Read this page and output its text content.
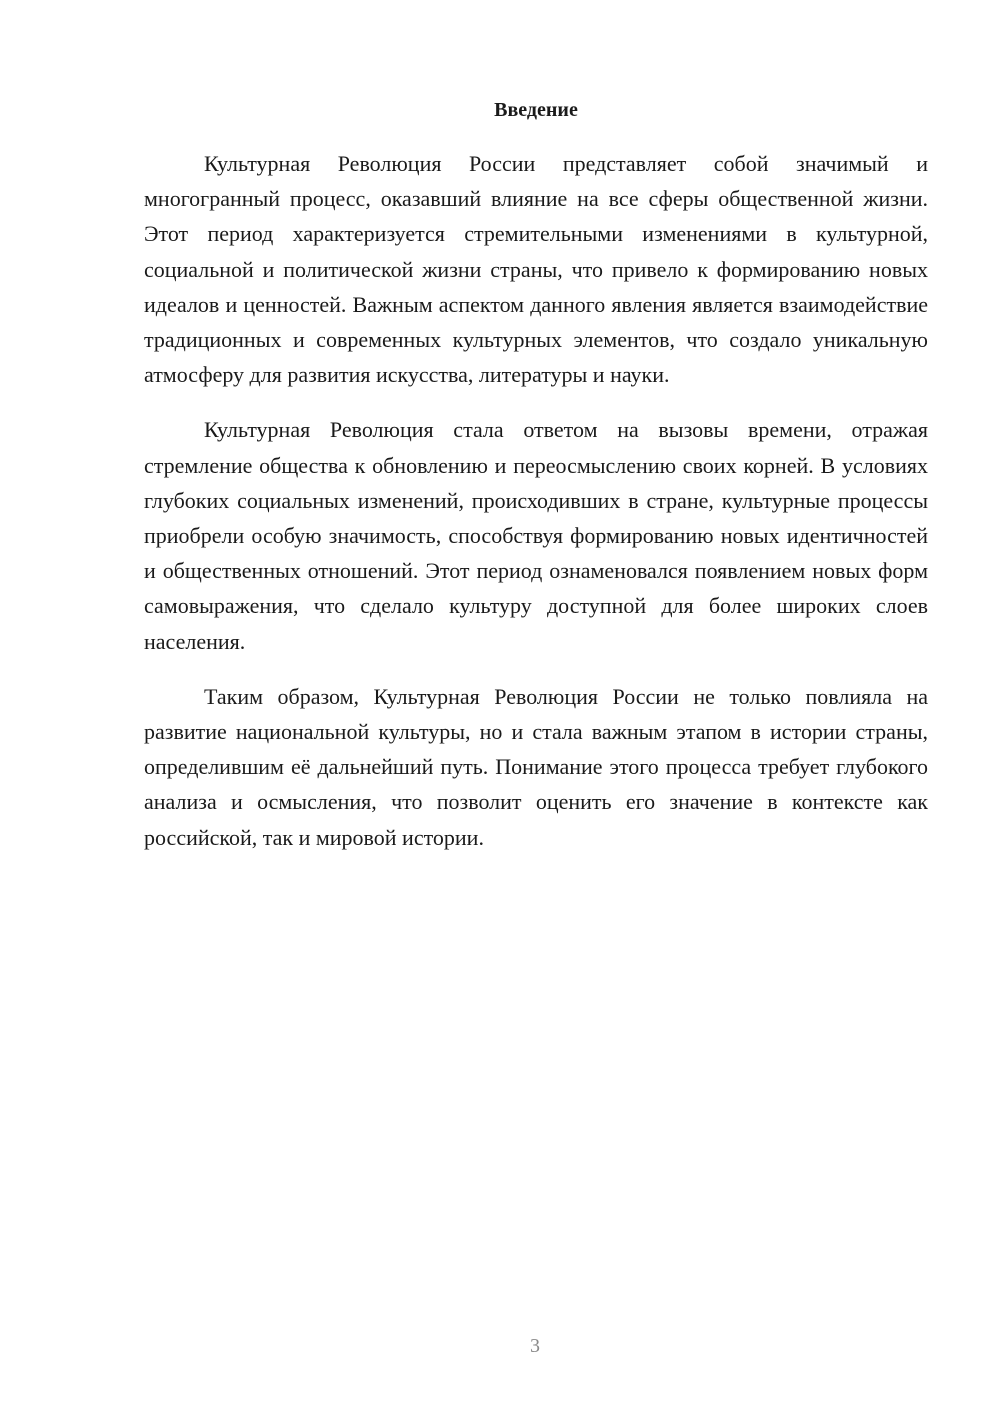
Введение

Культурная Революция России представляет собой значимый и многогранный процесс, оказавший влияние на все сферы общественной жизни. Этот период характеризуется стремительными изменениями в культурной, социальной и политической жизни страны, что привело к формированию новых идеалов и ценностей. Важным аспектом данного явления является взаимодействие традиционных и современных культурных элементов, что создало уникальную атмосферу для развития искусства, литературы и науки.

Культурная Революция стала ответом на вызовы времени, отражая стремление общества к обновлению и переосмыслению своих корней. В условиях глубоких социальных изменений, происходивших в стране, культурные процессы приобрели особую значимость, способствуя формированию новых идентичностей и общественных отношений. Этот период ознаменовался появлением новых форм самовыражения, что сделало культуру доступной для более широких слоев населения.

Таким образом, Культурная Революция России не только повлияла на развитие национальной культуры, но и стала важным этапом в истории страны, определившим её дальнейший путь. Понимание этого процесса требует глубокого анализа и осмысления, что позволит оценить его значение в контексте как российской, так и мировой истории.

3
